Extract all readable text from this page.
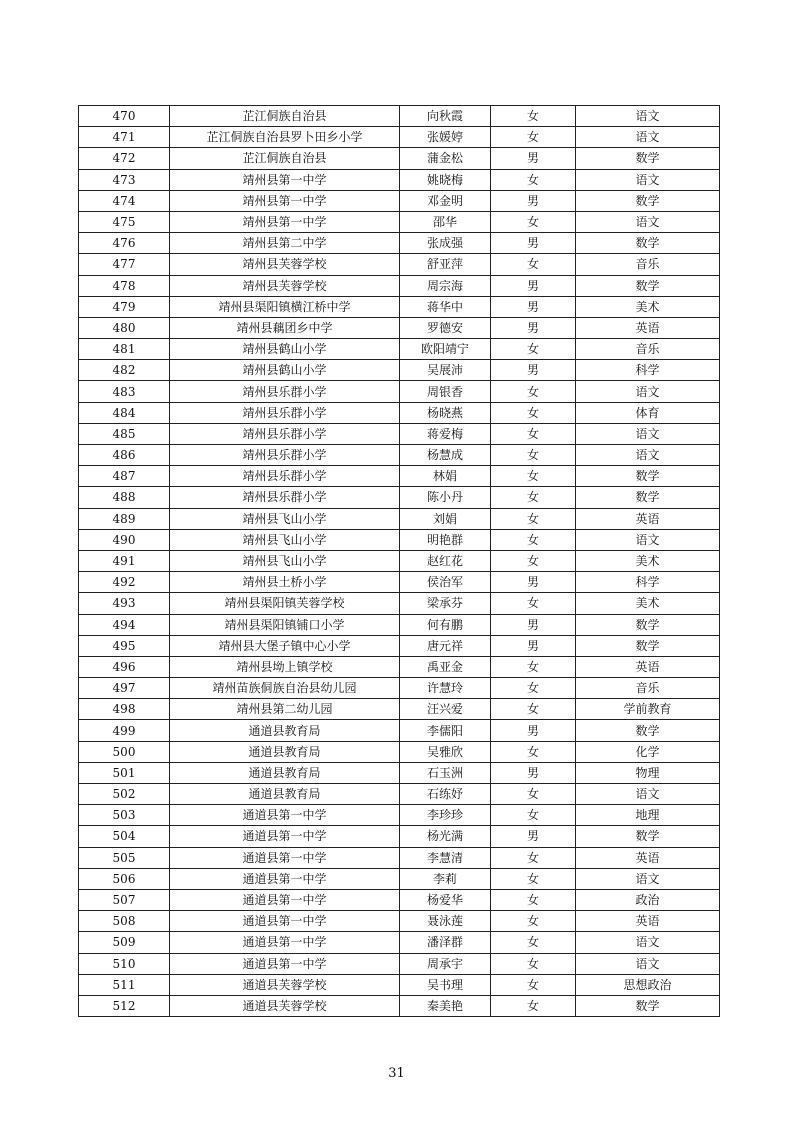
470	芷江侗族自治县	向秋霞	女	语文
471	芷江侗族自治县罗卜田乡小学	张媛婷	女	语文
472	芷江侗族自治县	蒲金松	男	数学
473	靖州县第一中学	姚晓梅	女	语文
474	靖州县第一中学	邓金明	男	数学
475	靖州县第一中学	邵华	女	语文
476	靖州县第二中学	张成强	男	数学
477	靖州县芙蓉学校	舒亚萍	女	音乐
478	靖州县芙蓉学校	周宗海	男	数学
479	靖州县渠阳镇横江桥中学	蒋华中	男	美术
480	靖州县藕团乡中学	罗德安	男	英语
481	靖州县鹤山小学	欧阳靖宁	女	音乐
482	靖州县鹤山小学	吴展沛	男	科学
483	靖州县乐群小学	周银香	女	语文
484	靖州县乐群小学	杨晓燕	女	体育
485	靖州县乐群小学	蒋爱梅	女	语文
486	靖州县乐群小学	杨慧成	女	语文
487	靖州县乐群小学	林娟	女	数学
488	靖州县乐群小学	陈小丹	女	数学
489	靖州县飞山小学	刘娟	女	英语
490	靖州县飞山小学	明艳群	女	语文
491	靖州县飞山小学	赵红花	女	美术
492	靖州县土桥小学	侯治军	男	科学
493	靖州县渠阳镇芙蓉学校	梁承芬	女	美术
494	靖州县渠阳镇铺口小学	何有鹏	男	数学
495	靖州县大堡子镇中心小学	唐元祥	男	数学
496	靖州县坳上镇学校	禹亚金	女	英语
497	靖州苗族侗族自治县幼儿园	许慧玲	女	音乐
498	靖州县第二幼儿园	汪兴爱	女	学前教育
499	通道县教育局	李儒阳	男	数学
500	通道县教育局	吴雅欣	女	化学
501	通道县教育局	石玉洲	男	物理
502	通道县教育局	石练妤	女	语文
503	通道县第一中学	李珍珍	女	地理
504	通道县第一中学	杨光满	男	数学
505	通道县第一中学	李慧清	女	英语
506	通道县第一中学	李莉	女	语文
507	通道县第一中学	杨爱华	女	政治
508	通道县第一中学	聂泳莲	女	英语
509	通道县第一中学	潘泽群	女	语文
510	通道县第一中学	周承宇	女	语文
511	通道县芙蓉学校	吴书理	女	思想政治
512	通道县芙蓉学校	秦美艳	女	数学
31
